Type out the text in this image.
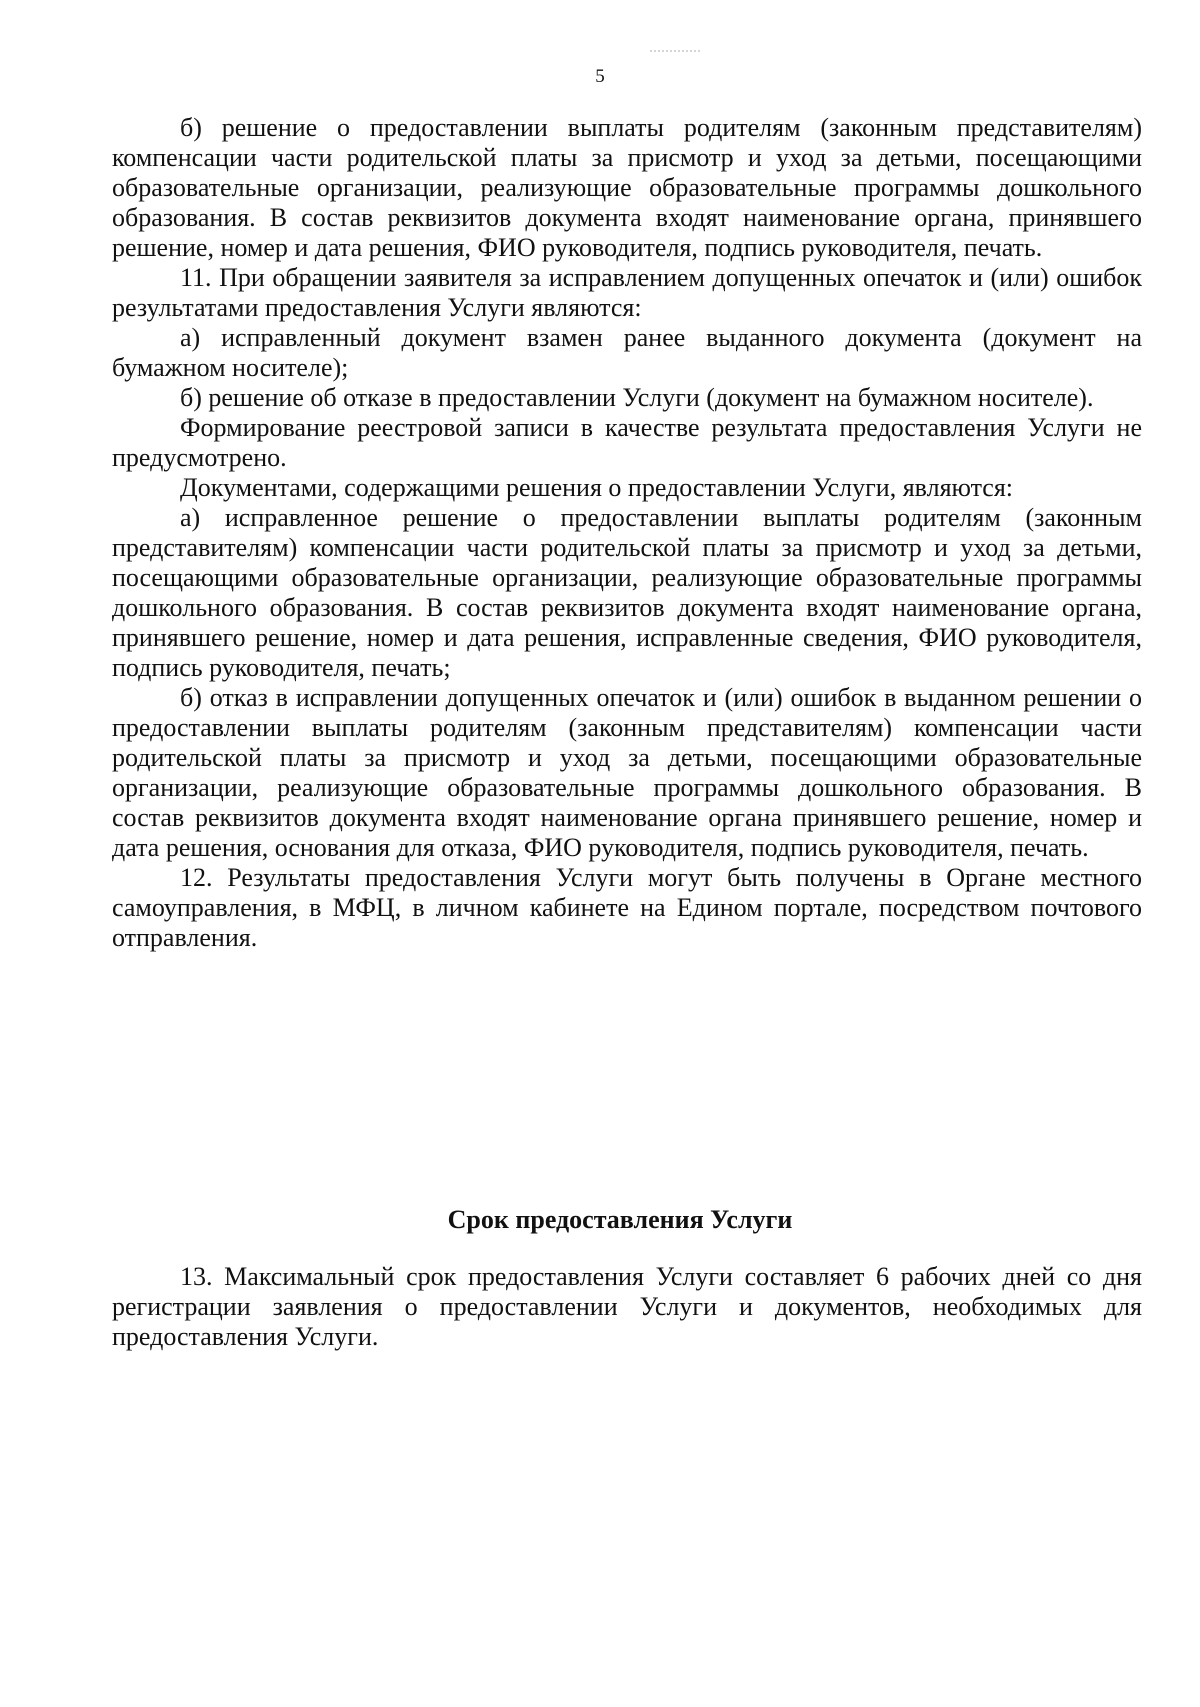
5

б) решение о предоставлении выплаты родителям (законным представителям) компенсации части родительской платы за присмотр и уход за детьми, посещающими образовательные организации, реализующие образовательные программы дошкольного образования. В состав реквизитов документа входят наименование органа, принявшего решение, номер и дата решения, ФИО руководителя, подпись руководителя, печать.

11. При обращении заявителя за исправлением допущенных опечаток и (или) ошибок результатами предоставления Услуги являются:

а) исправленный документ взамен ранее выданного документа (документ на бумажном носителе);

б) решение об отказе в предоставлении Услуги (документ на бумажном носителе).

Формирование реестровой записи в качестве результата предоставления Услуги не предусмотрено.

Документами, содержащими решения о предоставлении Услуги, являются:

а) исправленное решение о предоставлении выплаты родителям (законным представителям) компенсации части родительской платы за присмотр и уход за детьми, посещающими образовательные организации, реализующие образовательные программы дошкольного образования. В состав реквизитов документа входят наименование органа, принявшего решение, номер и дата решения, исправленные сведения, ФИО руководителя, подпись руководителя, печать;

б) отказ в исправлении допущенных опечаток и (или) ошибок в выданном решении о предоставлении выплаты родителям (законным представителям) компенсации части родительской платы за присмотр и уход за детьми, посещающими образовательные организации, реализующие образовательные программы дошкольного образования. В состав реквизитов документа входят наименование органа принявшего решение, номер и дата решения, основания для отказа, ФИО руководителя, подпись руководителя, печать.

12. Результаты предоставления Услуги могут быть получены в Органе местного самоуправления, в МФЦ, в личном кабинете на Едином портале, посредством почтового отправления.

Срок предоставления Услуги

13. Максимальный срок предоставления Услуги составляет 6 рабочих дней со дня регистрации заявления о предоставлении Услуги и документов, необходимых для предоставления Услуги.
